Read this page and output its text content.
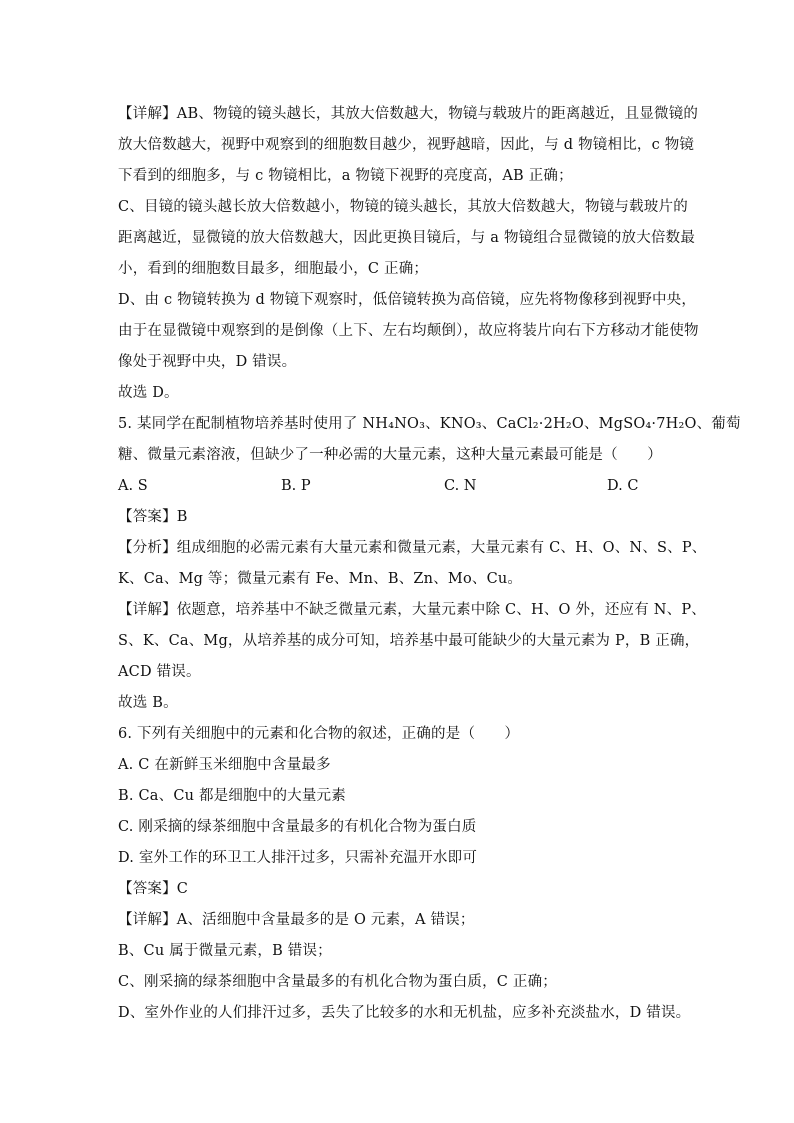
【详解】AB、物镜的镜头越长，其放大倍数越大，物镜与载玻片的距离越近，且显微镜的
放大倍数越大，视野中观察到的细胞数目越少，视野越暗，因此，与 d 物镜相比，c 物镜
下看到的细胞多，与 c 物镜相比，a 物镜下视野的亮度高，AB 正确；
C、目镜的镜头越长放大倍数越小，物镜的镜头越长，其放大倍数越大，物镜与载玻片的
距离越近，显微镜的放大倍数越大，因此更换目镜后，与 a 物镜组合显微镜的放大倍数最
小，看到的细胞数目最多，细胞最小，C 正确；
D、由 c 物镜转换为 d 物镜下观察时，低倍镜转换为高倍镜，应先将物像移到视野中央，
由于在显微镜中观察到的是倒像（上下、左右均颠倒），故应将装片向右下方移动才能使物
像处于视野中央，D 错误。
故选 D。
5. 某同学在配制植物培养基时使用了 NH₄NO₃、KNO₃、CaCl₂·2H₂O、MgSO₄·7H₂O、葡萄
糖、微量元素溶液，但缺少了一种必需的大量元素，这种大量元素最可能是（　　）
A. S	B. P	C. N	D. C
【答案】B
【分析】组成细胞的必需元素有大量元素和微量元素，大量元素有 C、H、O、N、S、P、
K、Ca、Mg 等；微量元素有 Fe、Mn、B、Zn、Mo、Cu。
【详解】依题意，培养基中不缺乏微量元素，大量元素中除 C、H、O 外，还应有 N、P、
S、K、Ca、Mg，从培养基的成分可知，培养基中最可能缺少的大量元素为 P，B 正确，
ACD 错误。
故选 B。
6. 下列有关细胞中的元素和化合物的叙述，正确的是（　　）
A. C 在新鲜玉米细胞中含量最多
B. Ca、Cu 都是细胞中的大量元素
C. 刚采摘的绿茶细胞中含量最多的有机化合物为蛋白质
D. 室外工作的环卫工人排汗过多，只需补充温开水即可
【答案】C
【详解】A、活细胞中含量最多的是 O 元素，A 错误；
B、Cu 属于微量元素，B 错误；
C、刚采摘的绿茶细胞中含量最多的有机化合物为蛋白质，C 正确；
D、室外作业的人们排汗过多，丢失了比较多的水和无机盐，应多补充淡盐水，D 错误。
